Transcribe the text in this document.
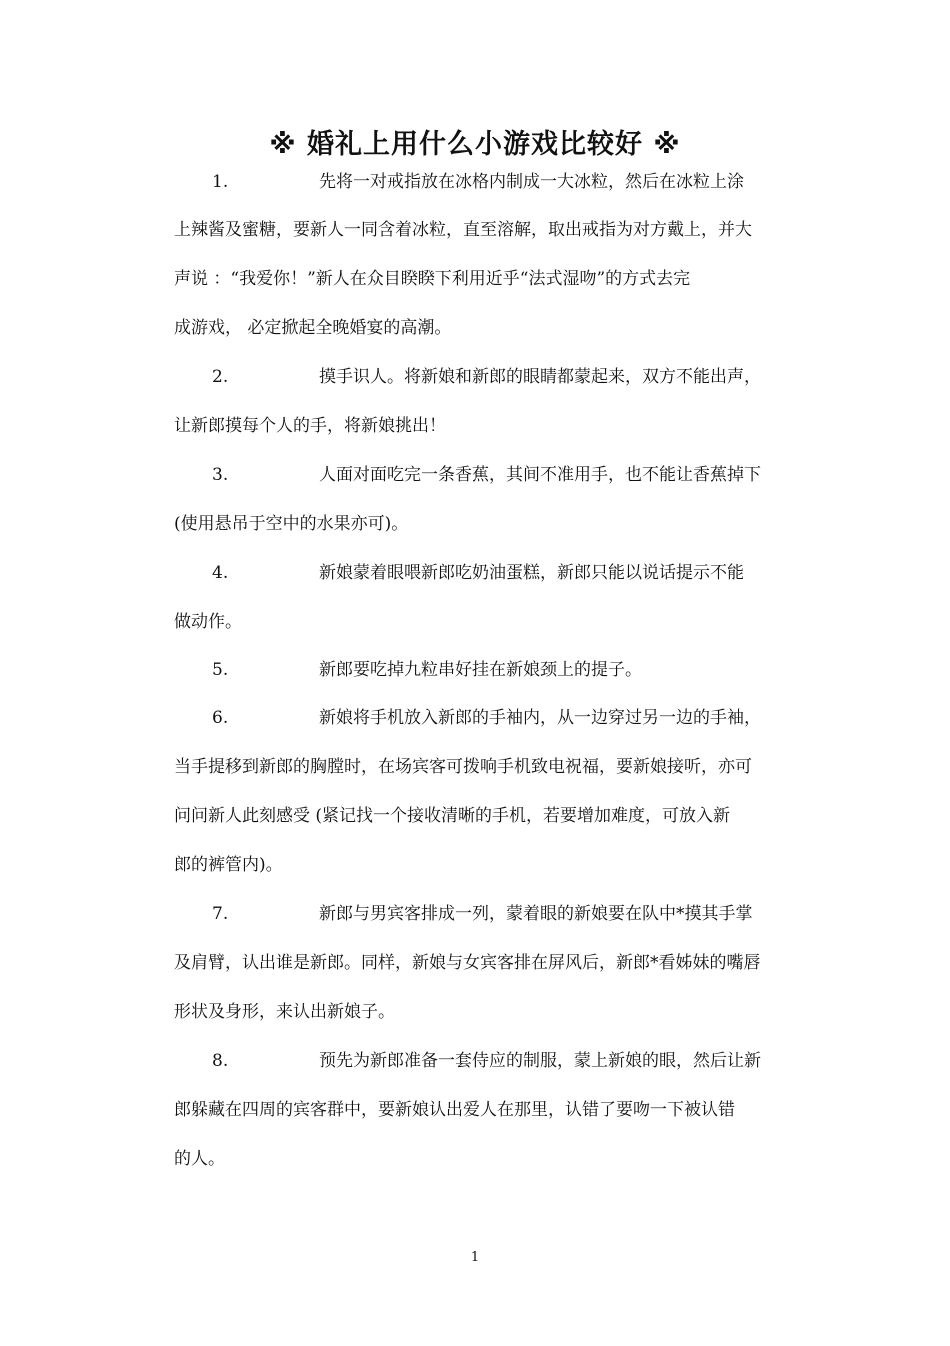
※ 婚礼上用什么小游戏比较好 ※
1.	先将一对戒指放在冰格内制成一大冰粒，然后在冰粒上涂
上辣酱及蜜糖，要新人一同含着冰粒，直至溶解，取出戒指为对方戴上，并大
声说 ：“我爱你！”新人在众目睽睽下利用近乎“法式湿吻”的方式去完
成游戏， 必定掀起全晚婚宴的高潮。
2.	摸手识人。将新娘和新郎的眼睛都蒙起来，双方不能出声，
让新郎摸每个人的手，将新娘挑出！
3.	人面对面吃完一条香蕉，其间不准用手，也不能让香蕉掉下
(使用悬吊于空中的水果亦可)。
4.	新娘蒙着眼喂新郎吃奶油蛋糕，新郎只能以说话提示不能
做动作。
5.	新郎要吃掉九粒串好挂在新娘颈上的提子。
6.	新娘将手机放入新郎的手袖内，从一边穿过另一边的手袖，
当手提移到新郎的胸膛时，在场宾客可拨响手机致电祝福，要新娘接听，亦可
问问新人此刻感受 (紧记找一个接收清晰的手机，若要增加难度，可放入新
郎的裤管内)。
7.	新郎与男宾客排成一列，蒙着眼的新娘要在队中*摸其手掌
及肩臂，认出谁是新郎。同样，新娘与女宾客排在屏风后，新郎*看姊妹的嘴唇
形状及身形，来认出新娘子。
8.	预先为新郎准备一套侍应的制服，蒙上新娘的眼，然后让新
郎躲藏在四周的宾客群中，要新娘认出爱人在那里，认错了要吻一下被认错
的人。
1
